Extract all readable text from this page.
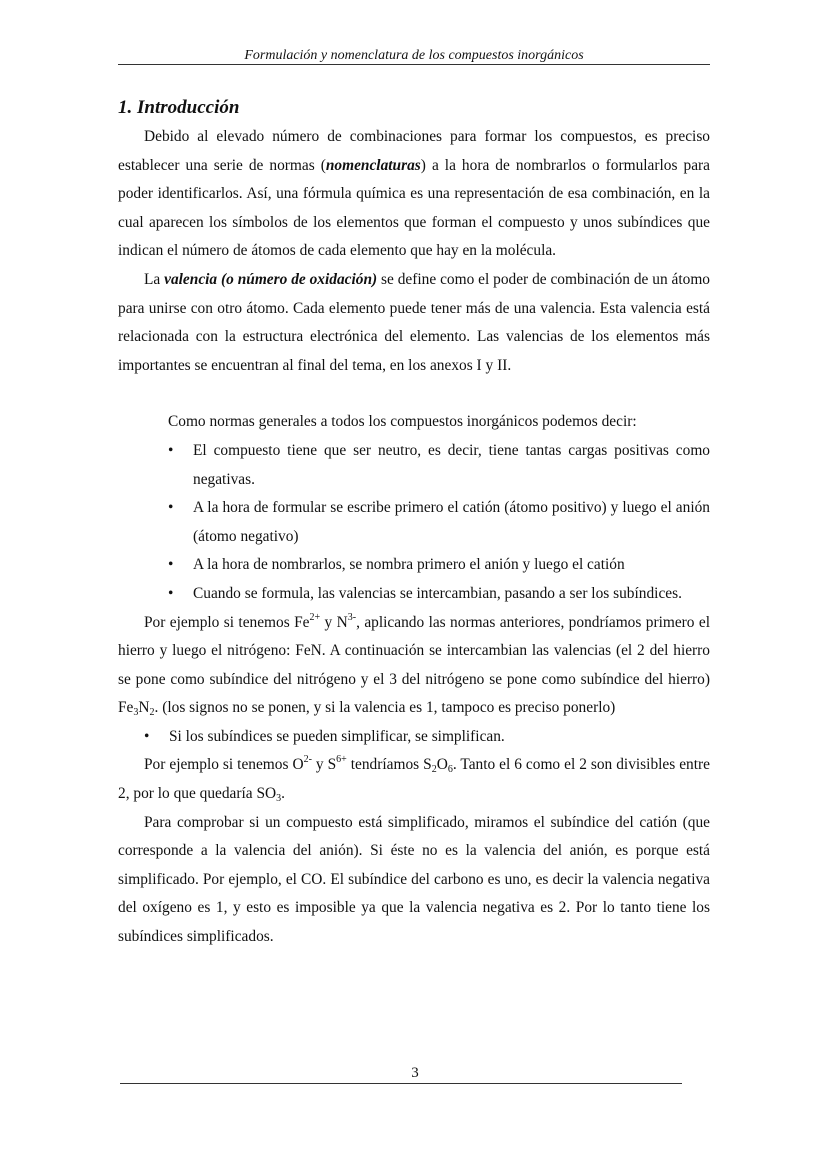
Formulación y nomenclatura de los compuestos inorgánicos
1. Introducción

Debido al elevado número de combinaciones para formar los compuestos, es preciso establecer una serie de normas (nomenclaturas) a la hora de nombrarlos o formularlos para poder identificarlos. Así, una fórmula química es una representación de esa combinación, en la cual aparecen los símbolos de los elementos que forman el compuesto y unos subíndices que indican el número de átomos de cada elemento que hay en la molécula.

La valencia (o número de oxidación) se define como el poder de combinación de un átomo para unirse con otro átomo. Cada elemento puede tener más de una valencia. Esta valencia está relacionada con la estructura electrónica del elemento. Las valencias de los elementos más importantes se encuentran al final del tema, en los anexos I y II.

Como normas generales a todos los compuestos inorgánicos podemos decir:

• El compuesto tiene que ser neutro, es decir, tiene tantas cargas positivas como negativas.
• A la hora de formular se escribe primero el catión (átomo positivo) y luego el anión (átomo negativo)
• A la hora de nombrarlos, se nombra primero el anión y luego el catión
• Cuando se formula, las valencias se intercambian, pasando a ser los subíndices.

Por ejemplo si tenemos $Fe^{2+}$ y $N^{3-}$, aplicando las normas anteriores, pondríamos primero el hierro y luego el nitrógeno: FeN. A continuación se intercambian las valencias (el 2 del hierro se pone como subíndice del nitrógeno y el 3 del nitrógeno se pone como subíndice del hierro) $Fe_3N_2$. (los signos no se ponen, y si la valencia es 1, tampoco es preciso ponerlo)

• Si los subíndices se pueden simplificar, se simplifican.

Por ejemplo si tenemos $O^{2-}$ y $S^{6+}$ tendríamos $S_2O_6$. Tanto el 6 como el 2 son divisibles entre 2, por lo que quedaría $SO_3$.

Para comprobar si un compuesto está simplificado, miramos el subíndice del catión (que corresponde a la valencia del anión). Si éste no es la valencia del anión, es porque está simplificado. Por ejemplo, el CO. El subíndice del carbono es uno, es decir la valencia negativa del oxígeno es 1, y esto es imposible ya que la valencia negativa es 2. Por lo tanto tiene los subíndices simplificados.

3
